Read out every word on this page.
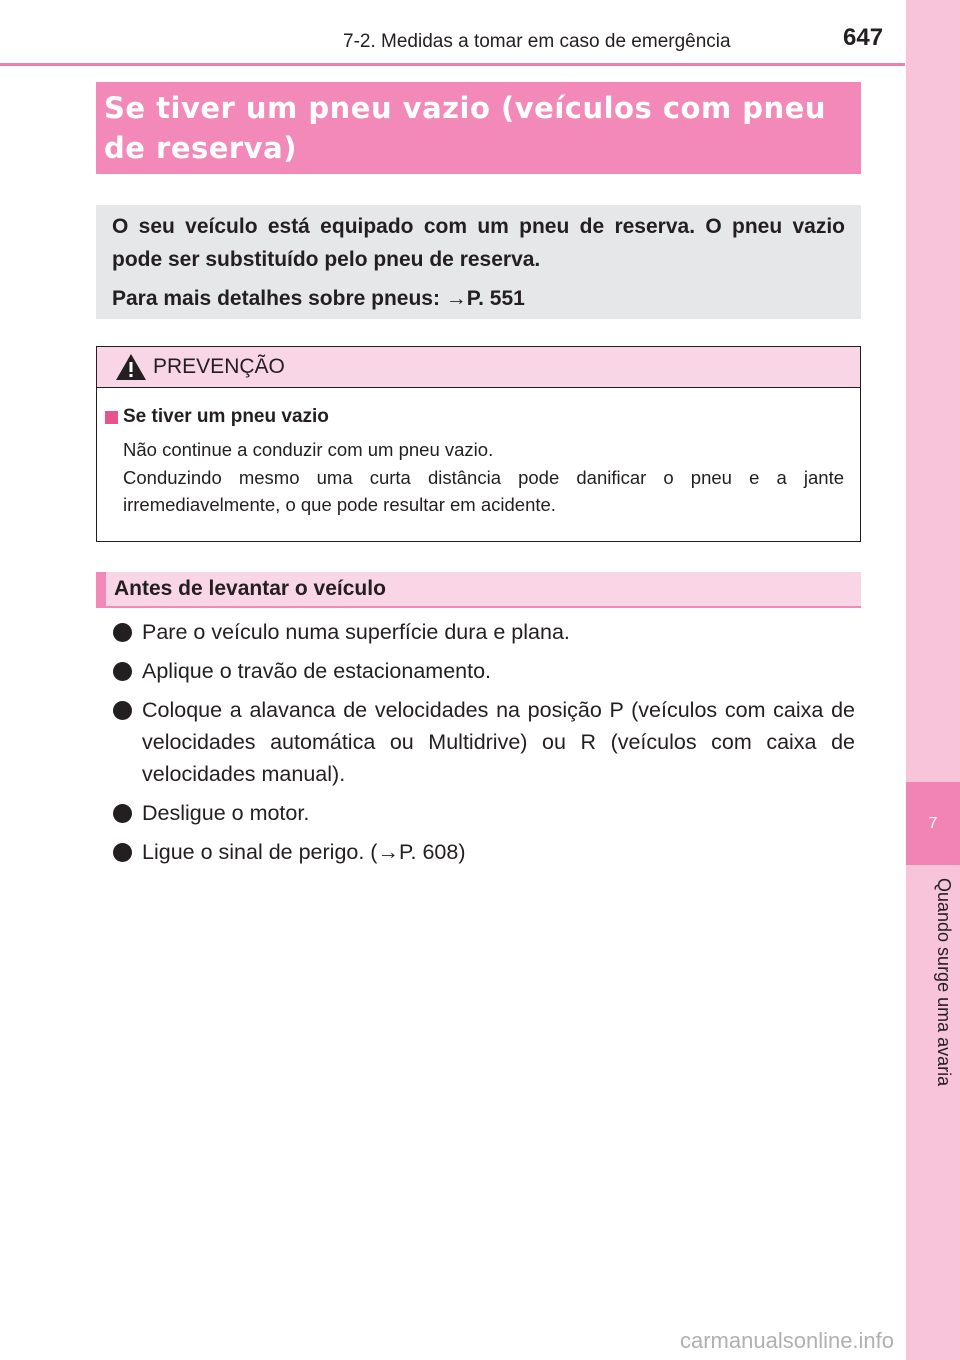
7-2. Medidas a tomar em caso de emergência	647
7
Quando surge uma avaria
Se tiver um pneu vazio (veículos com pneu de reserva)

O seu veículo está equipado com um pneu de reserva. O pneu vazio pode ser substituído pelo pneu de reserva.

Para mais detalhes sobre pneus: →P. 551

PREVENÇÃO
Se tiver um pneu vazio
Não continue a conduzir com um pneu vazio.
Conduzindo mesmo uma curta distância pode danificar o pneu e a jante irremediavelmente, o que pode resultar em acidente.
Antes de levantar o veículo
Pare o veículo numa superfície dura e plana.
Aplique o travão de estacionamento.
Coloque a alavanca de velocidades na posição P (veículos com caixa de velocidades automática ou Multidrive) ou R (veículos com caixa de velocidades manual).
Desligue o motor.
Ligue o sinal de perigo. (→P. 608)
carmanualsonline.info
